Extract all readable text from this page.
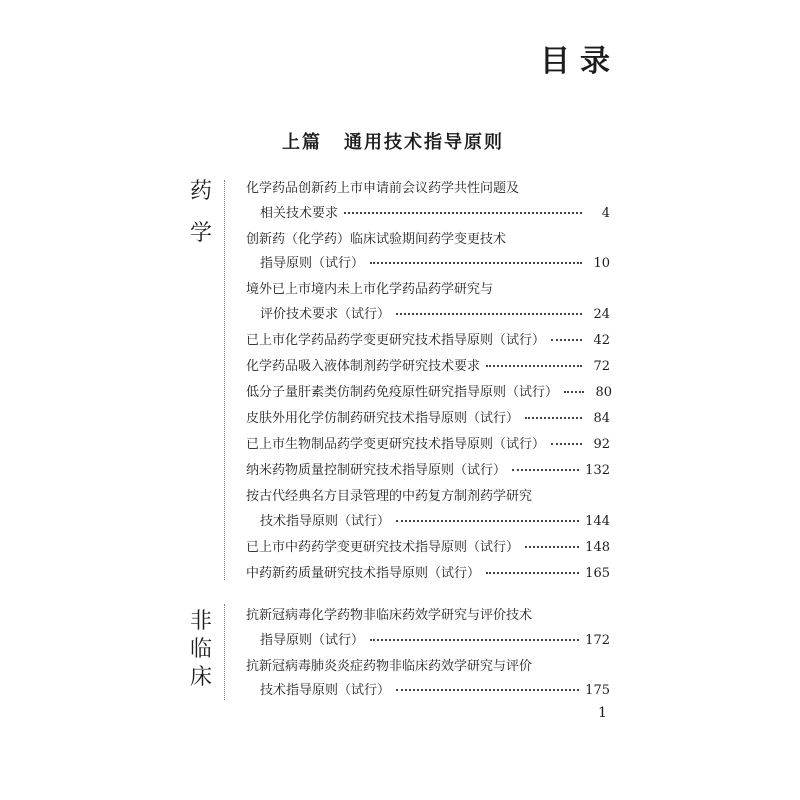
目录
上篇 通用技术指导原则
药
学
化学药品创新药上市申请前会议药学共性问题及
相关技术要求	4
创新药（化学药）临床试验期间药学变更技术
指导原则（试行）	10
境外已上市境内未上市化学药品药学研究与
评价技术要求（试行）	24
已上市化学药品药学变更研究技术指导原则（试行）	42
化学药品吸入液体制剂药学研究技术要求	72
低分子量肝素类仿制药免疫原性研究指导原则（试行）	80
皮肤外用化学仿制药研究技术指导原则（试行）	84
已上市生物制品药学变更研究技术指导原则（试行）	92
纳米药物质量控制研究技术指导原则（试行）	132
按古代经典名方目录管理的中药复方制剂药学研究
技术指导原则（试行）	144
已上市中药药学变更研究技术指导原则（试行）	148
中药新药质量研究技术指导原则（试行）	165
非
临
床
抗新冠病毒化学药物非临床药效学研究与评价技术
指导原则（试行）	172
抗新冠病毒肺炎炎症药物非临床药效学研究与评价
技术指导原则（试行）	175
1
